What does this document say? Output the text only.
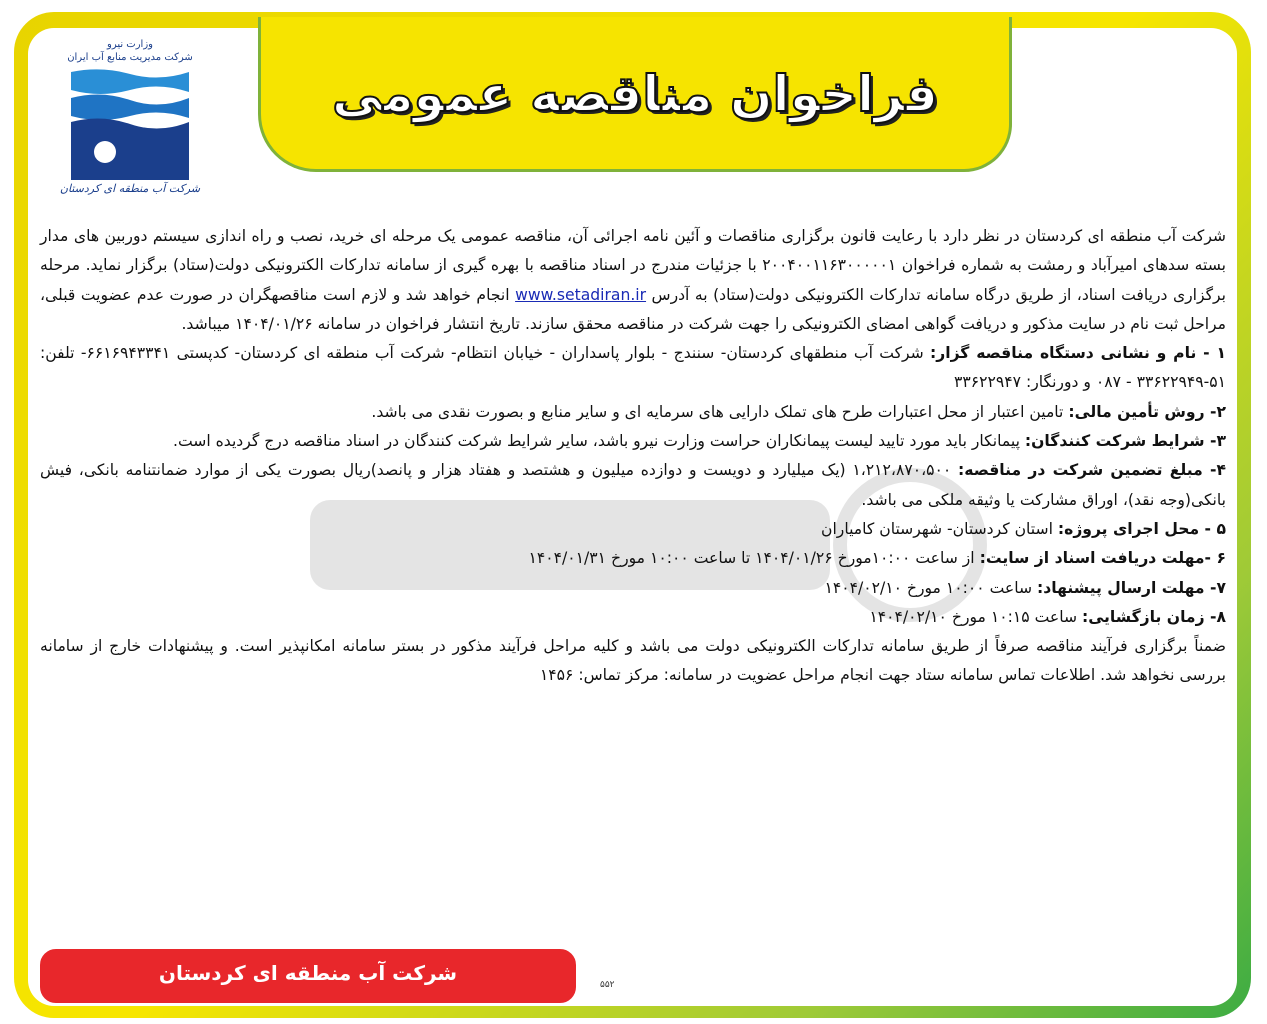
فراخوان مناقصه عمومی
وزارت نیرو
شرکت مدیریت منابع آب ایران
شرکت آب منطقه ای کردستان

شرکت آب منطقه ای کردستان در نظر دارد با رعایت قانون برگزاری مناقصات و آئین نامه اجرائی آن، مناقصه عمومی یک مرحله ای خرید، نصب و راه اندازی سیستم دوربین های مدار بسته سدهای امیرآباد و رمشت به شماره فراخوان ۲۰۰۴۰۰۱۱۶۳۰۰۰۰۰۱ با جزئیات مندرج در اسناد مناقصه با بهره گیری از سامانه تدارکات الکترونیکی دولت(ستاد) برگزار نماید. مرحله برگزاری دریافت اسناد، از طریق درگاه سامانه تدارکات الکترونیکی دولت(ستاد) به آدرس www.setadiran.ir انجام خواهد شد و لازم است مناقصهگران در صورت عدم عضویت قبلی، مراحل ثبت نام در سایت مذکور و دریافت گواهی امضای الکترونیکی را جهت شرکت در مناقصه محقق سازند. تاریخ انتشار فراخوان در سامانه ۱۴۰۴/۰۱/۲۶ میباشد.

۱ - نام و نشانی دستگاه مناقصه گزار: شرکت آب منطقهای کردستان- سنندج - بلوار پاسداران - خیابان انتظام- شرکت آب منطقه ای کردستان- کدپستی ۶۶۱۶۹۴۳۳۴۱- تلفن: ۵۱-۳۳۶۲۲۹۴۹ - ۰۸۷ و دورنگار: ۳۳۶۲۲۹۴۷

۲- روش تأمین مالی: تامین اعتبار از محل اعتبارات طرح های تملک دارایی های سرمایه ای و سایر منابع و بصورت نقدی می باشد.

۳- شرایط شرکت کنندگان: پیمانکار باید مورد تایید لیست پیمانکاران حراست وزارت نیرو باشد، سایر شرایط شرکت کنندگان در اسناد مناقصه درج گردیده است.

۴- مبلغ تضمین شرکت در مناقصه: ۱،۲۱۲،۸۷۰،۵۰۰ (یک میلیارد و دویست و دوازده میلیون و هشتصد و هفتاد هزار و پانصد)ریال بصورت یکی از موارد ضمانتنامه بانکی، فیش بانکی(وجه نقد)، اوراق مشارکت یا وثیقه ملکی می باشد.

۵ - محل اجرای پروژه: استان کردستان- شهرستان کامیاران

۶ -مهلت دریافت اسناد از سایت: از ساعت ۱۰:۰۰مورخ ۱۴۰۴/۰۱/۲۶ تا ساعت ۱۰:۰۰ مورخ ۱۴۰۴/۰۱/۳۱

۷- مهلت ارسال پیشنهاد: ساعت ۱۰:۰۰ مورخ ۱۴۰۴/۰۲/۱۰

۸- زمان بازگشایی: ساعت ۱۰:۱۵ مورخ ۱۴۰۴/۰۲/۱۰

ضمناً برگزاری فرآیند مناقصه صرفاً از طریق سامانه تدارکات الکترونیکی دولت می باشد و کلیه مراحل فرآیند مذکور در بستر سامانه امکانپذیر است. و پیشنهادات خارج از سامانه بررسی نخواهد شد. اطلاعات تماس سامانه ستاد جهت انجام مراحل عضویت در سامانه: مرکز تماس: ۱۴۵۶

شرکت آب منطقه ای کردستان	۵۵۲
